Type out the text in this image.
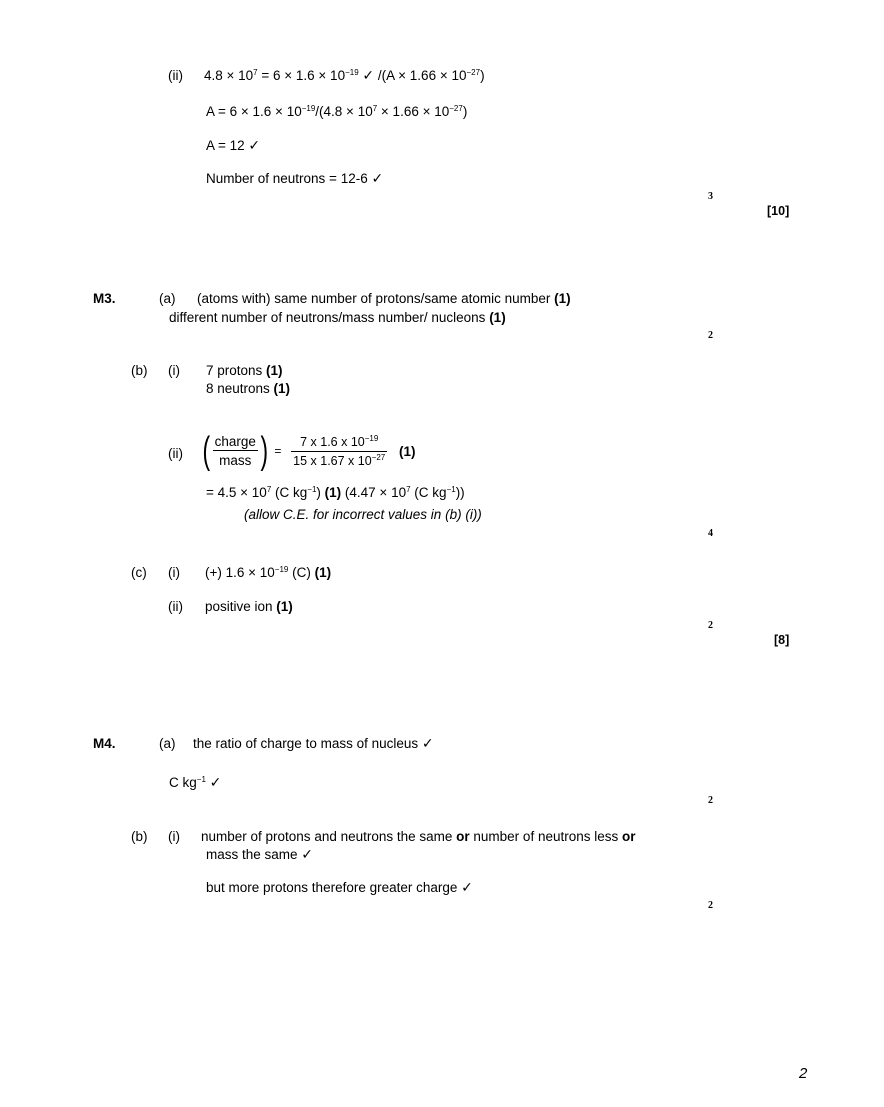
(ii) $4.8 \times 10^7 = 6 \times 1.6 \times 10^{-19}$ ✓ $/(A \times 1.66 \times 10^{-27})$
$A = 6 \times 1.6 \times 10^{-19}/(4.8 \times 10^7 \times 1.66 \times 10^{-27})$
A = 12 ✓
Number of neutrons = 12-6 ✓
3
[10]
M3.	(a) (atoms with) same number of protons/same atomic number (1)
different number of neutrons/mass number/ nucleons (1)
2
(b) (i) 7 protons (1)
8 neutrons (1)
(ii) ( $\frac{\text{charge}}{\text{mass}}$ ) = $\frac{7 x 1.6 x 10^{-19}}{15 x 1.67 x 10^{-27}} (1)$
= $4.5 \times 10^7$ (C $kg^{-1}$) (1) ($4.47 \times 10^7$ (C $kg^{-1}$))
(allow C.E. for incorrect values in (b) (i))
4
(c) (i) (+) $1.6 \times 10^{-19}$ (C) (1)
(ii) positive ion (1)
2
[8]
M4.	(a) the ratio of charge to mass of nucleus ✓
C $kg^{-1}$ ✓
2
(b) (i) number of protons and neutrons the same or number of neutrons less or
mass the same ✓
but more protons therefore greater charge ✓
2
2
